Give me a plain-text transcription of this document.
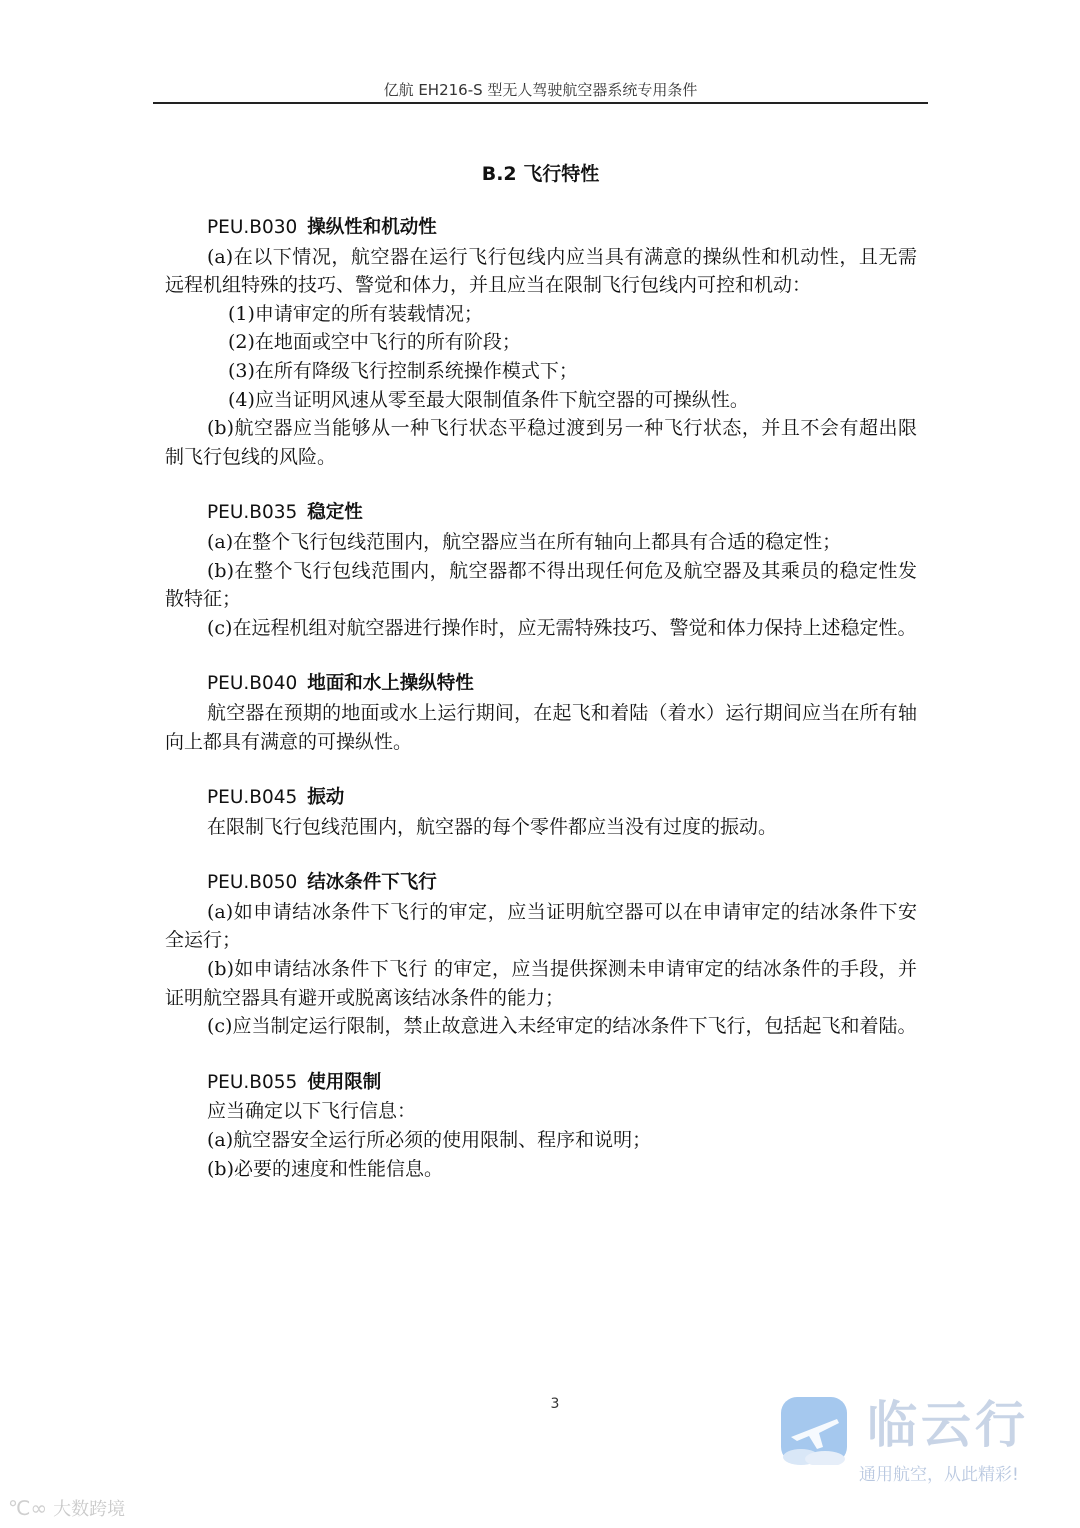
亿航 EH216-S 型无人驾驶航空器系统专用条件
B.2 飞行特性
PEU.B030 操纵性和机动性

(a)在以下情况，航空器在运行飞行包线内应当具有满意的操纵性和机动性，且无需远程机组特殊的技巧、警觉和体力，并且应当在限制飞行包线内可控和机动：

(1)申请审定的所有装载情况；

(2)在地面或空中飞行的所有阶段；

(3)在所有降级飞行控制系统操作模式下；

(4)应当证明风速从零至最大限制值条件下航空器的可操纵性。

(b)航空器应当能够从一种飞行状态平稳过渡到另一种飞行状态，并且不会有超出限制飞行包线的风险。

PEU.B035 稳定性

(a)在整个飞行包线范围内，航空器应当在所有轴向上都具有合适的稳定性；

(b)在整个飞行包线范围内，航空器都不得出现任何危及航空器及其乘员的稳定性发散特征；

(c)在远程机组对航空器进行操作时，应无需特殊技巧、警觉和体力保持上述稳定性。

PEU.B040 地面和水上操纵特性

航空器在预期的地面或水上运行期间，在起飞和着陆（着水）运行期间应当在所有轴向上都具有满意的可操纵性。

PEU.B045 振动

在限制飞行包线范围内，航空器的每个零件都应当没有过度的振动。

PEU.B050 结冰条件下飞行

(a)如申请结冰条件下飞行的审定，应当证明航空器可以在申请审定的结冰条件下安全运行；

(b)如申请结冰条件下飞行 的审定，应当提供探测未申请审定的结冰条件的手段，并证明航空器具有避开或脱离该结冰条件的能力；

(c)应当制定运行限制，禁止故意进入未经审定的结冰条件下飞行，包括起飞和着陆。

PEU.B055 使用限制

应当确定以下飞行信息：

(a)航空器安全运行所必须的使用限制、程序和说明；

(b)必要的速度和性能信息。

3
℃∞ 大数跨境
临云行
通用航空，从此精彩!
